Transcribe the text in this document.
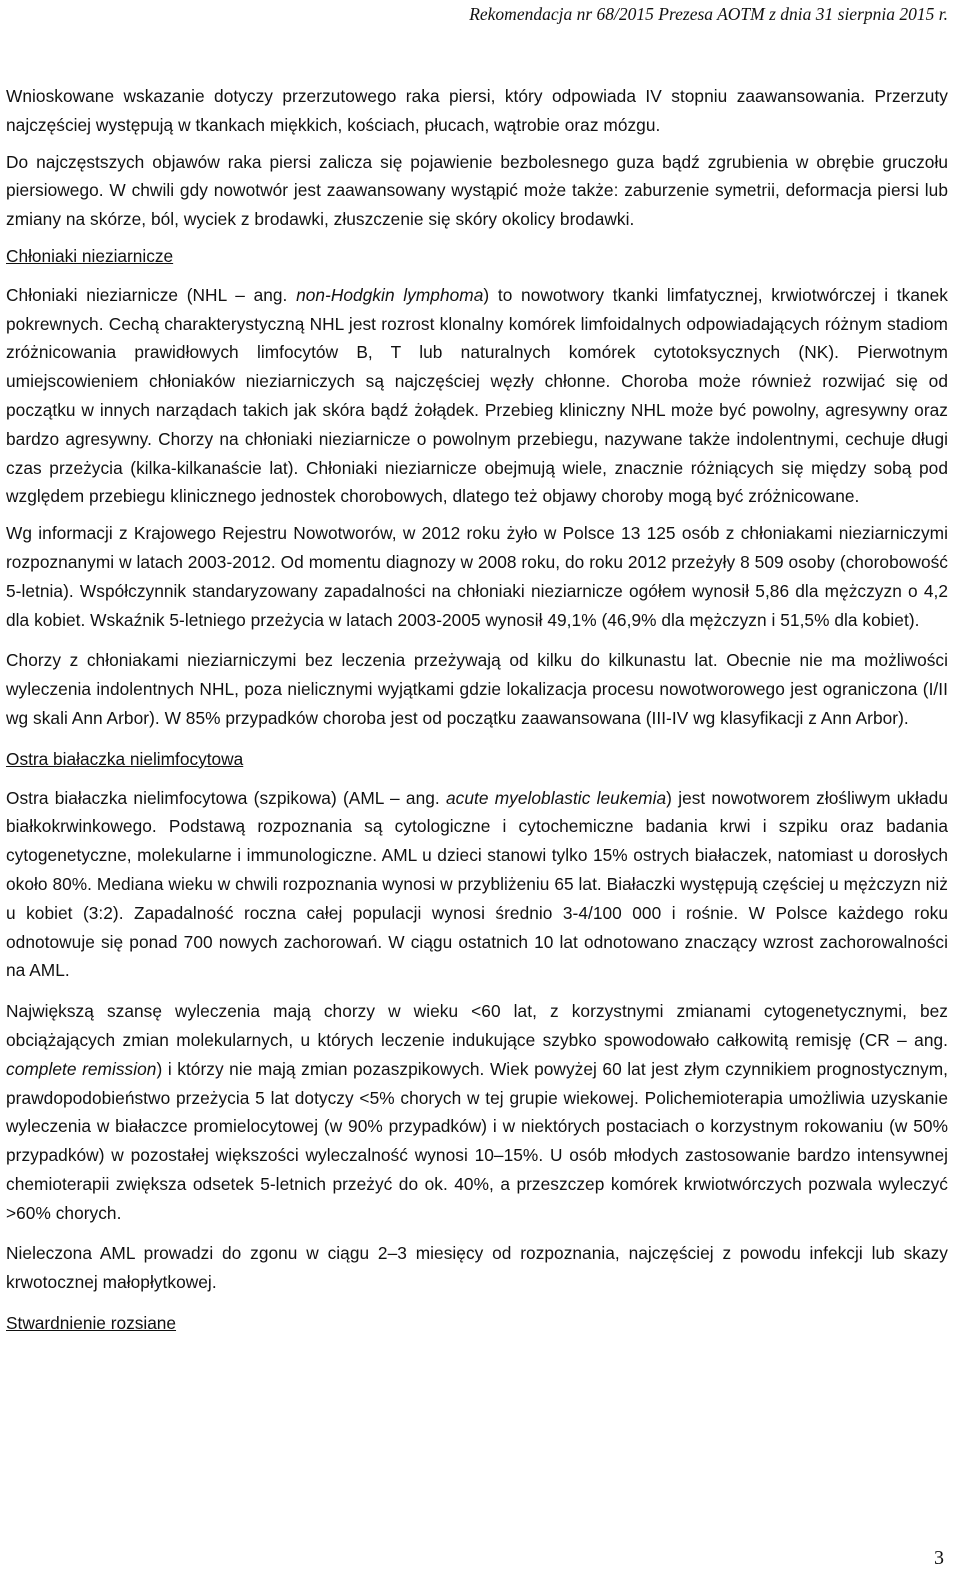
Rekomendacja nr 68/2015 Prezesa AOTM z dnia 31 sierpnia 2015 r.

Wnioskowane wskazanie dotyczy przerzutowego raka piersi, który odpowiada IV stopniu zaawansowania. Przerzuty najczęściej występują w tkankach miękkich, kościach, płucach, wątrobie oraz mózgu.

Do najczęstszych objawów raka piersi zalicza się pojawienie bezbolesnego guza bądź zgrubienia w obrębie gruczołu piersiowego. W chwili gdy nowotwór jest zaawansowany wystąpić może także: zaburzenie symetrii, deformacja piersi lub zmiany na skórze, ból, wyciek z brodawki, złuszczenie się skóry okolicy brodawki.

Chłoniaki nieziarnicze

Chłoniaki nieziarnicze (NHL – ang. non-Hodgkin lymphoma) to nowotwory tkanki limfatycznej, krwiotwórczej i tkanek pokrewnych. Cechą charakterystyczną NHL jest rozrost klonalny komórek limfoidalnych odpowiadających różnym stadiom zróżnicowania prawidłowych limfocytów B, T lub naturalnych komórek cytotoksycznych (NK). Pierwotnym umiejscowieniem chłoniaków nieziarniczych są najczęściej węzły chłonne. Choroba może również rozwijać się od początku w innych narządach takich jak skóra bądź żołądek. Przebieg kliniczny NHL może być powolny, agresywny oraz bardzo agresywny. Chorzy na chłoniaki nieziarnicze o powolnym przebiegu, nazywane także indolentnymi, cechuje długi czas przeżycia (kilka-kilkanaście lat). Chłoniaki nieziarnicze obejmują wiele, znacznie różniących się między sobą pod względem przebiegu klinicznego jednostek chorobowych, dlatego też objawy choroby mogą być zróżnicowane.

Wg informacji z Krajowego Rejestru Nowotworów, w 2012 roku żyło w Polsce 13 125 osób z chłoniakami nieziarniczymi rozpoznanymi w latach 2003-2012. Od momentu diagnozy w 2008 roku, do roku 2012 przeżyły 8 509 osoby (chorobowość 5-letnia). Współczynnik standaryzowany zapadalności na chłoniaki nieziarnicze ogółem wynosił 5,86 dla mężczyzn o 4,2 dla kobiet. Wskaźnik 5-letniego przeżycia w latach 2003-2005 wynosił 49,1% (46,9% dla mężczyzn i 51,5% dla kobiet).

Chorzy z chłoniakami nieziarniczymi bez leczenia przeżywają od kilku do kilkunastu lat. Obecnie nie ma możliwości wyleczenia indolentnych NHL, poza nielicznymi wyjątkami gdzie lokalizacja procesu nowotworowego jest ograniczona (I/II wg skali Ann Arbor). W 85% przypadków choroba jest od początku zaawansowana (III-IV wg klasyfikacji z Ann Arbor).

Ostra białaczka nielimfocytowa

Ostra białaczka nielimfocytowa (szpikowa) (AML – ang. acute myeloblastic leukemia) jest nowotworem złośliwym układu białkokrwinkowego. Podstawą rozpoznania są cytologiczne i cytochemiczne badania krwi i szpiku oraz badania cytogenetyczne, molekularne i immunologiczne. AML u dzieci stanowi tylko 15% ostrych białaczek, natomiast u dorosłych około 80%. Mediana wieku w chwili rozpoznania wynosi w przybliżeniu 65 lat. Białaczki występują częściej u mężczyzn niż u kobiet (3:2). Zapadalność roczna całej populacji wynosi średnio 3-4/100 000 i rośnie. W Polsce każdego roku odnotowuje się ponad 700 nowych zachorowań. W ciągu ostatnich 10 lat odnotowano znaczący wzrost zachorowalności na AML.

Największą szansę wyleczenia mają chorzy w wieku <60 lat, z korzystnymi zmianami cytogenetycznymi, bez obciążających zmian molekularnych, u których leczenie indukujące szybko spowodowało całkowitą remisję (CR – ang. complete remission) i którzy nie mają zmian pozaszpikowych. Wiek powyżej 60 lat jest złym czynnikiem prognostycznym, prawdopodobieństwo przeżycia 5 lat dotyczy <5% chorych w tej grupie wiekowej. Polichemioterapia umożliwia uzyskanie wyleczenia w białaczce promielocytowej (w 90% przypadków) i w niektórych postaciach o korzystnym rokowaniu (w 50% przypadków) w pozostałej większości wyleczalność wynosi 10–15%. U osób młodych zastosowanie bardzo intensywnej chemioterapii zwiększa odsetek 5-letnich przeżyć do ok. 40%, a przeszczep komórek krwiotwórczych pozwala wyleczyć >60% chorych.

Nieleczona AML prowadzi do zgonu w ciągu 2–3 miesięcy od rozpoznania, najczęściej z powodu infekcji lub skazy krwotocznej małopłytkowej.

Stwardnienie rozsiane
3
